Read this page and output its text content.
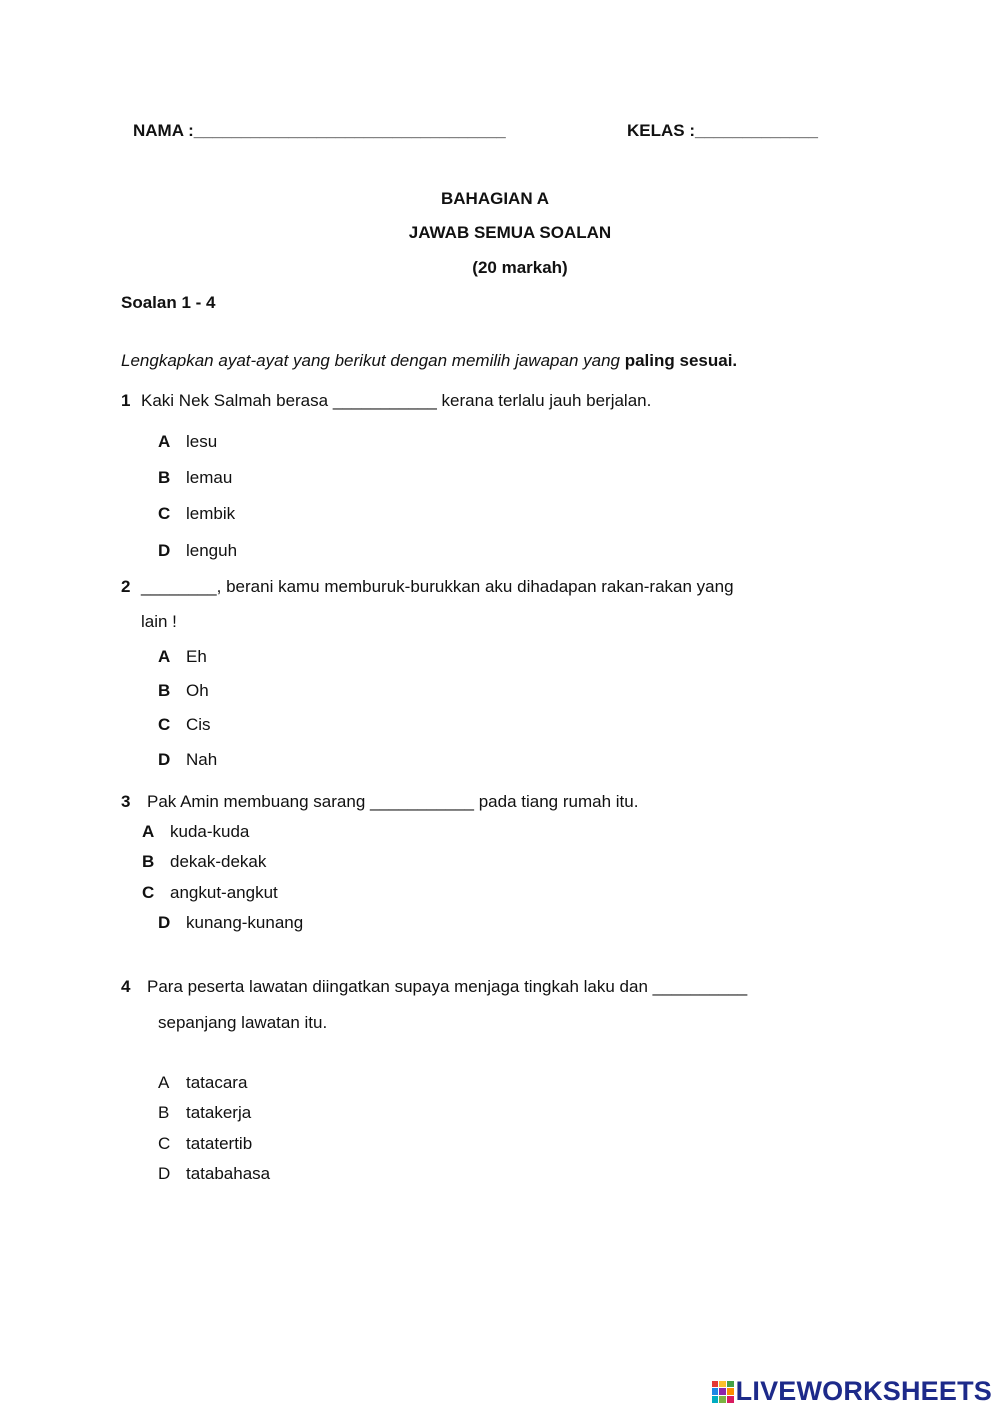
NAMA :_________________________________	KELAS :_____________
BAHAGIAN A
JAWAB SEMUA SOALAN
(20 markah)
Soalan 1 - 4
Lengkapkan ayat-ayat yang berikut dengan memilih jawapan yang paling sesuai.
1 Kaki Nek Salmah berasa ___________ kerana terlalu jauh berjalan.
A lesu
B lemau
C lembik
D lenguh
2 ________, berani kamu memburuk-burukkan aku dihadapan rakan-rakan yang
lain !
A Eh
B Oh
C Cis
D Nah
3 Pak Amin membuang sarang ___________ pada tiang rumah itu.
A kuda-kuda
B dekak-dekak
C angkut-angkut
D kunang-kunang
4 Para peserta lawatan diingatkan supaya menjaga tingkah laku dan __________
sepanjang lawatan itu.
A tatacara
B tatakerja
C tatatertib
D tatabahasa
LIVEWORKSHEETS
